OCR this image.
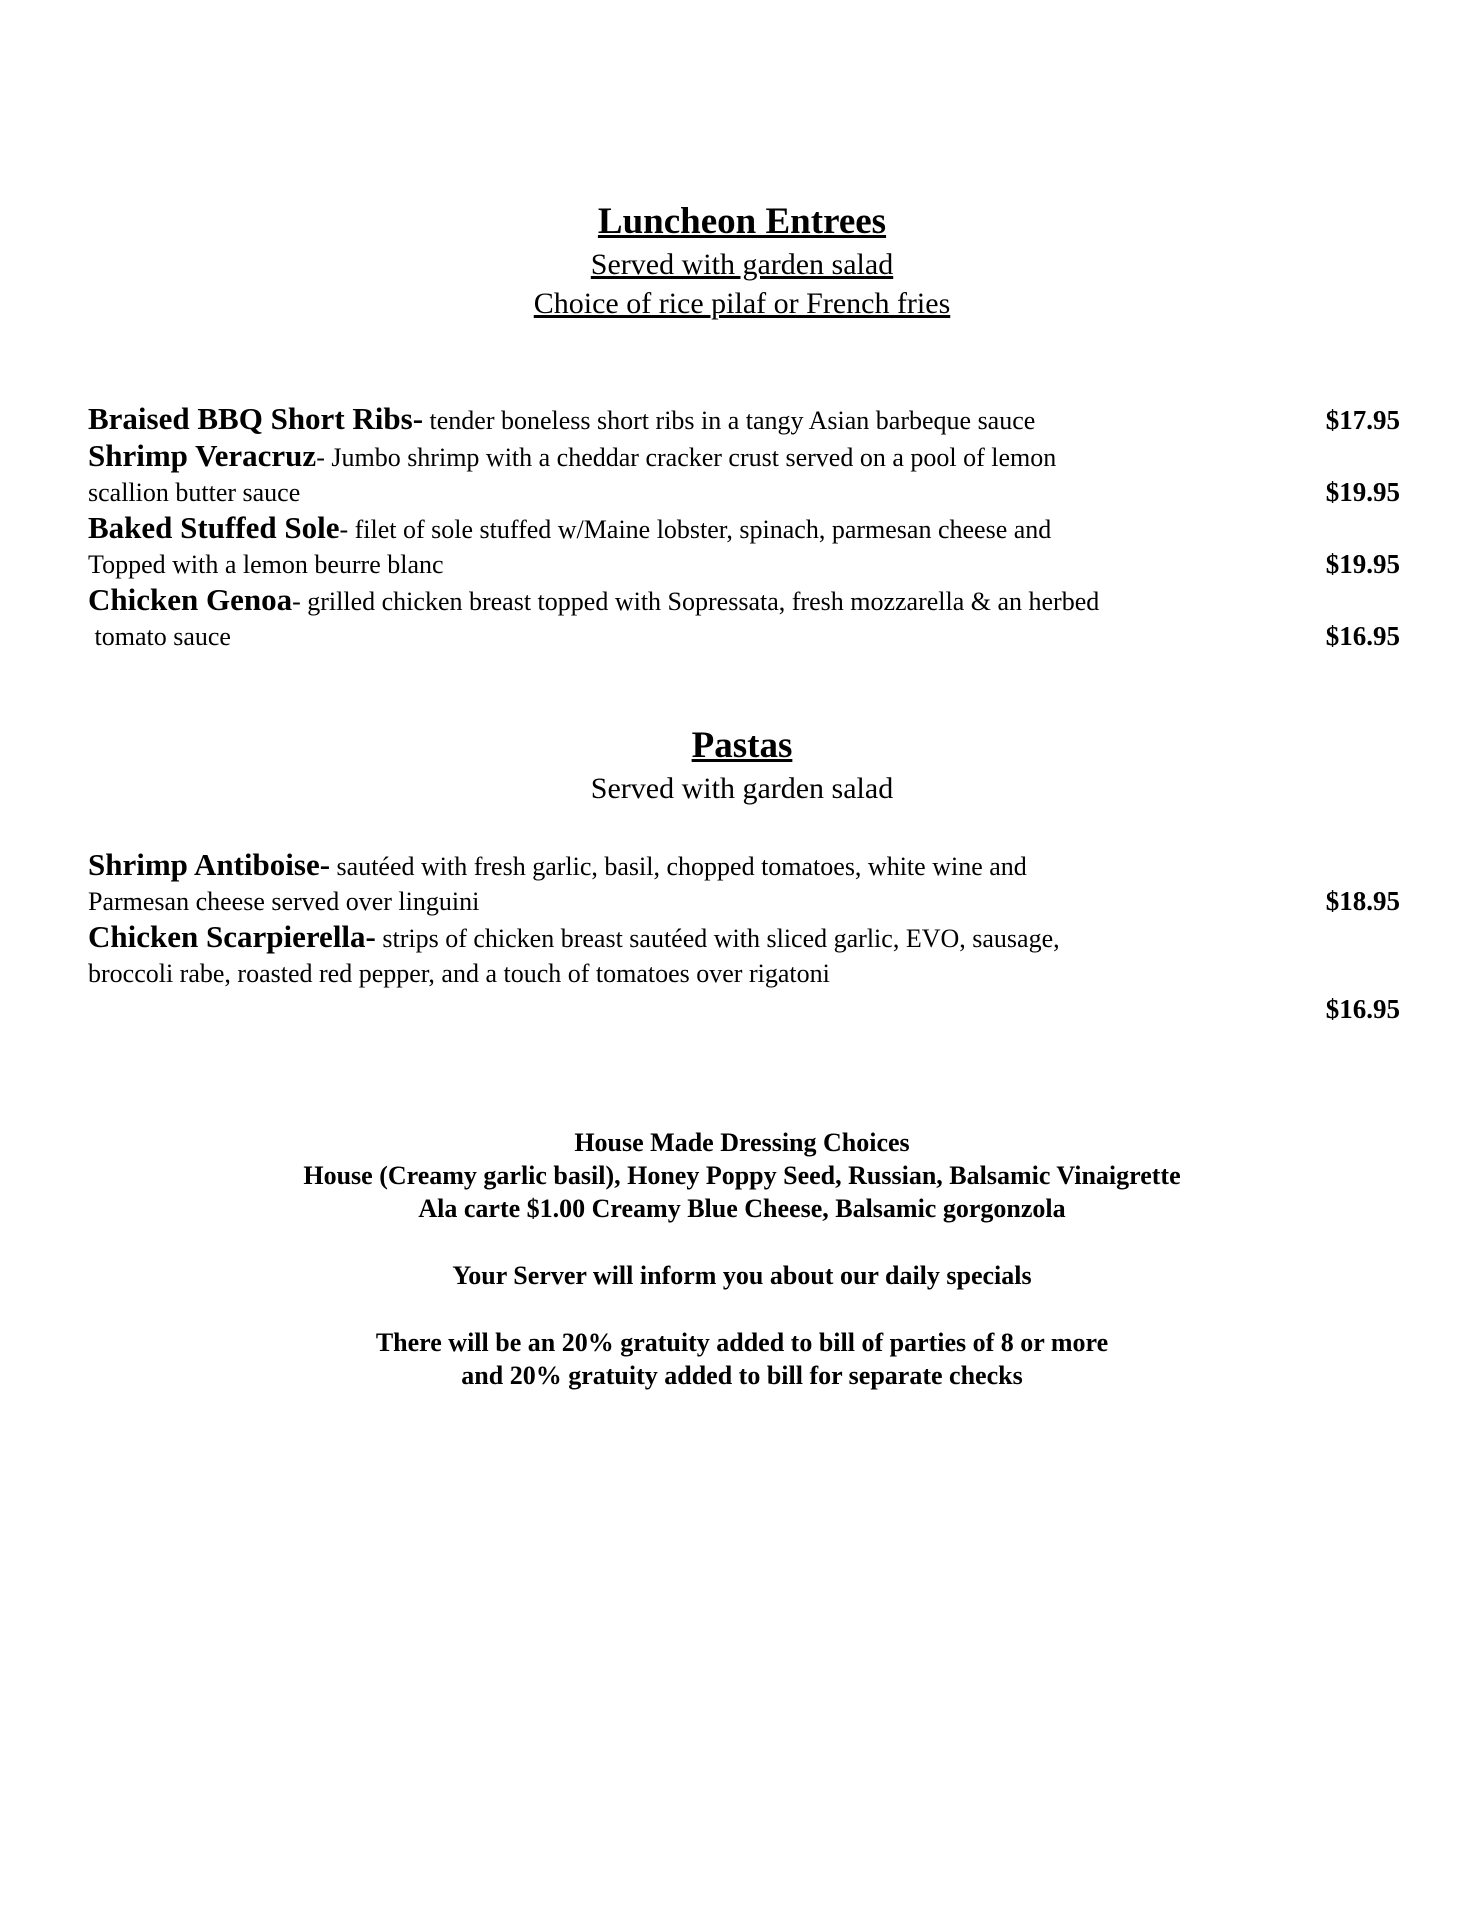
Luncheon Entrees
Served with garden salad
Choice of rice pilaf or French fries
Braised BBQ Short Ribs- tender boneless short ribs in a tangy Asian barbeque sauce	$17.95
Shrimp Veracruz- Jumbo shrimp with a cheddar cracker crust served on a pool of lemon
scallion butter sauce	$19.95
Baked Stuffed Sole- filet of sole stuffed w/Maine lobster, spinach, parmesan cheese and
Topped with a lemon beurre blanc	$19.95
Chicken Genoa- grilled chicken breast topped with Sopressata, fresh mozzarella & an herbed
tomato sauce	$16.95
Pastas
Served with garden salad
Shrimp Antiboise- sautéed with fresh garlic, basil, chopped tomatoes, white wine and
Parmesan cheese served over linguini	$18.95
Chicken Scarpierella- strips of chicken breast sautéed with sliced garlic, EVO, sausage,
broccoli rabe, roasted red pepper, and a touch of tomatoes over rigatoni
$16.95
House Made Dressing Choices
House (Creamy garlic basil), Honey Poppy Seed, Russian, Balsamic Vinaigrette
Ala carte $1.00 Creamy Blue Cheese, Balsamic gorgonzola
Your Server will inform you about our daily specials
There will be an 20% gratuity added to bill of parties of 8 or more
and 20% gratuity added to bill for separate checks
